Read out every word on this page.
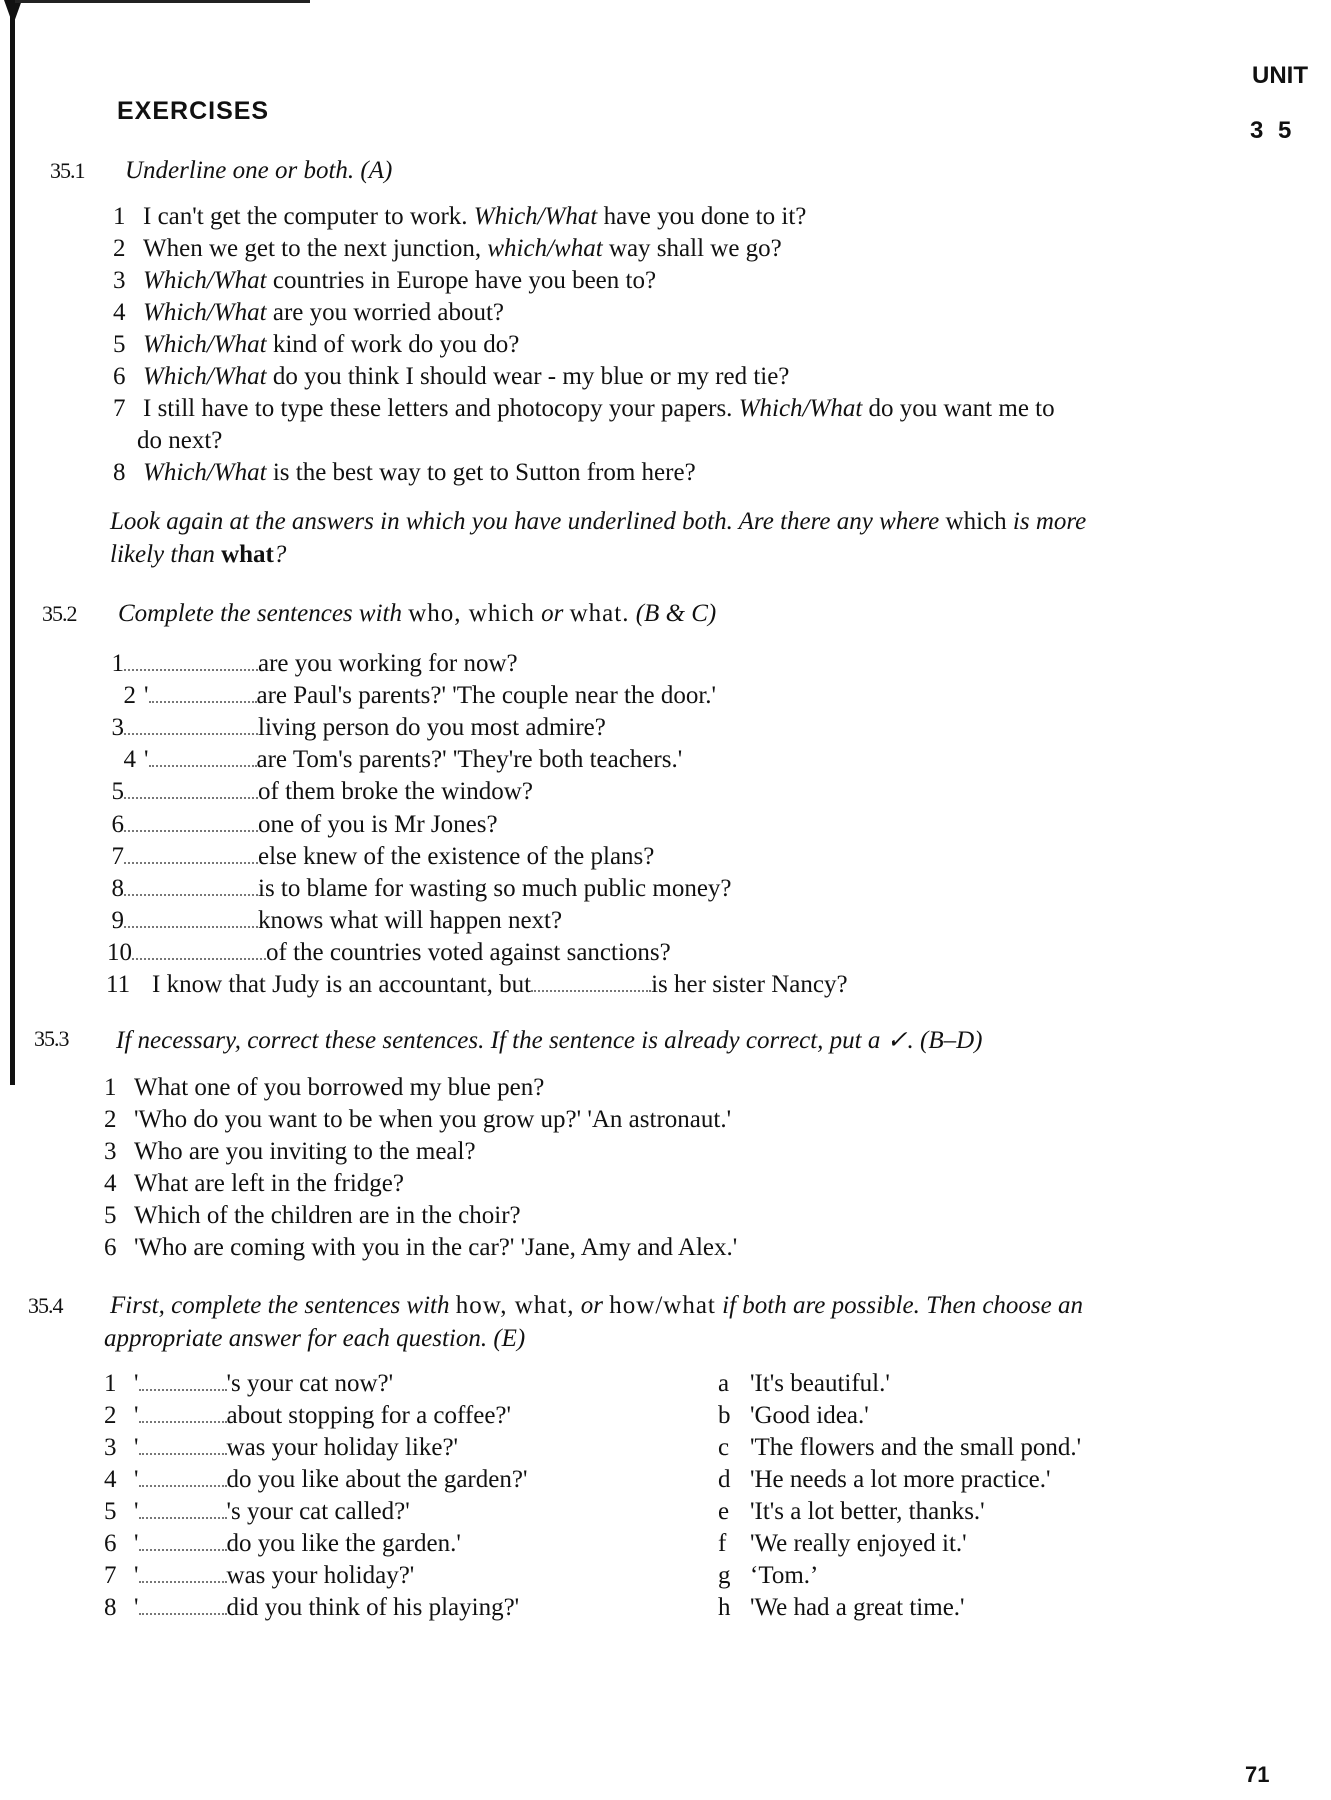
UNIT
3 5
EXERCISES
35.1 Underline one or both. (A)
1 I can't get the computer to work. Which/What have you done to it?
2 When we get to the next junction, which/what way shall we go?
3 Which/What countries in Europe have you been to?
4 Which/What are you worried about?
5 Which/What kind of work do you do?
6 Which/What do you think I should wear - my blue or my red tie?
7 I still have to type these letters and photocopy your papers. Which/What do you want me to
do next?
8 Which/What is the best way to get to Sutton from here?
Look again at the answers in which you have underlined both. Are there any where which is more
likely than what?
35.2 Complete the sentences with who, which or what. (B & C)
1	are you working for now?
2 '	are Paul's parents?' 'The couple near the door.'
3	living person do you most admire?
4 '	are Tom's parents?' 'They're both teachers.'
5	of them broke the window?
6	one of you is Mr Jones?
7	else knew of the existence of the plans?
8	is to blame for wasting so much public money?
9	knows what will happen next?
10	of the countries voted against sanctions?
11 I know that Judy is an accountant, but	is her sister Nancy?
35.3 If necessary, correct these sentences. If the sentence is already correct, put a ✓. (B–D)
1 What one of you borrowed my blue pen?
2 'Who do you want to be when you grow up?' 'An astronaut.'
3 Who are you inviting to the meal?
4 What are left in the fridge?
5 Which of the children are in the choir?
6 'Who are coming with you in the car?' 'Jane, Amy and Alex.'
35.4 First, complete the sentences with how, what, or how/what if both are possible. Then choose an
appropriate answer for each question. (E)
1 '	's your cat now?'
2 '	about stopping for a coffee?'
3 '	was your holiday like?'
4 '	do you like about the garden?'
5 '	's your cat called?'
6 '	do you like the garden.'
7 '	was your holiday?'
8 '	did you think of his playing?'
a 'It's beautiful.'
b 'Good idea.'
c 'The flowers and the small pond.'
d 'He needs a lot more practice.'
e 'It's a lot better, thanks.'
f 'We really enjoyed it.'
g ‘Tom.’
h 'We had a great time.'
71
